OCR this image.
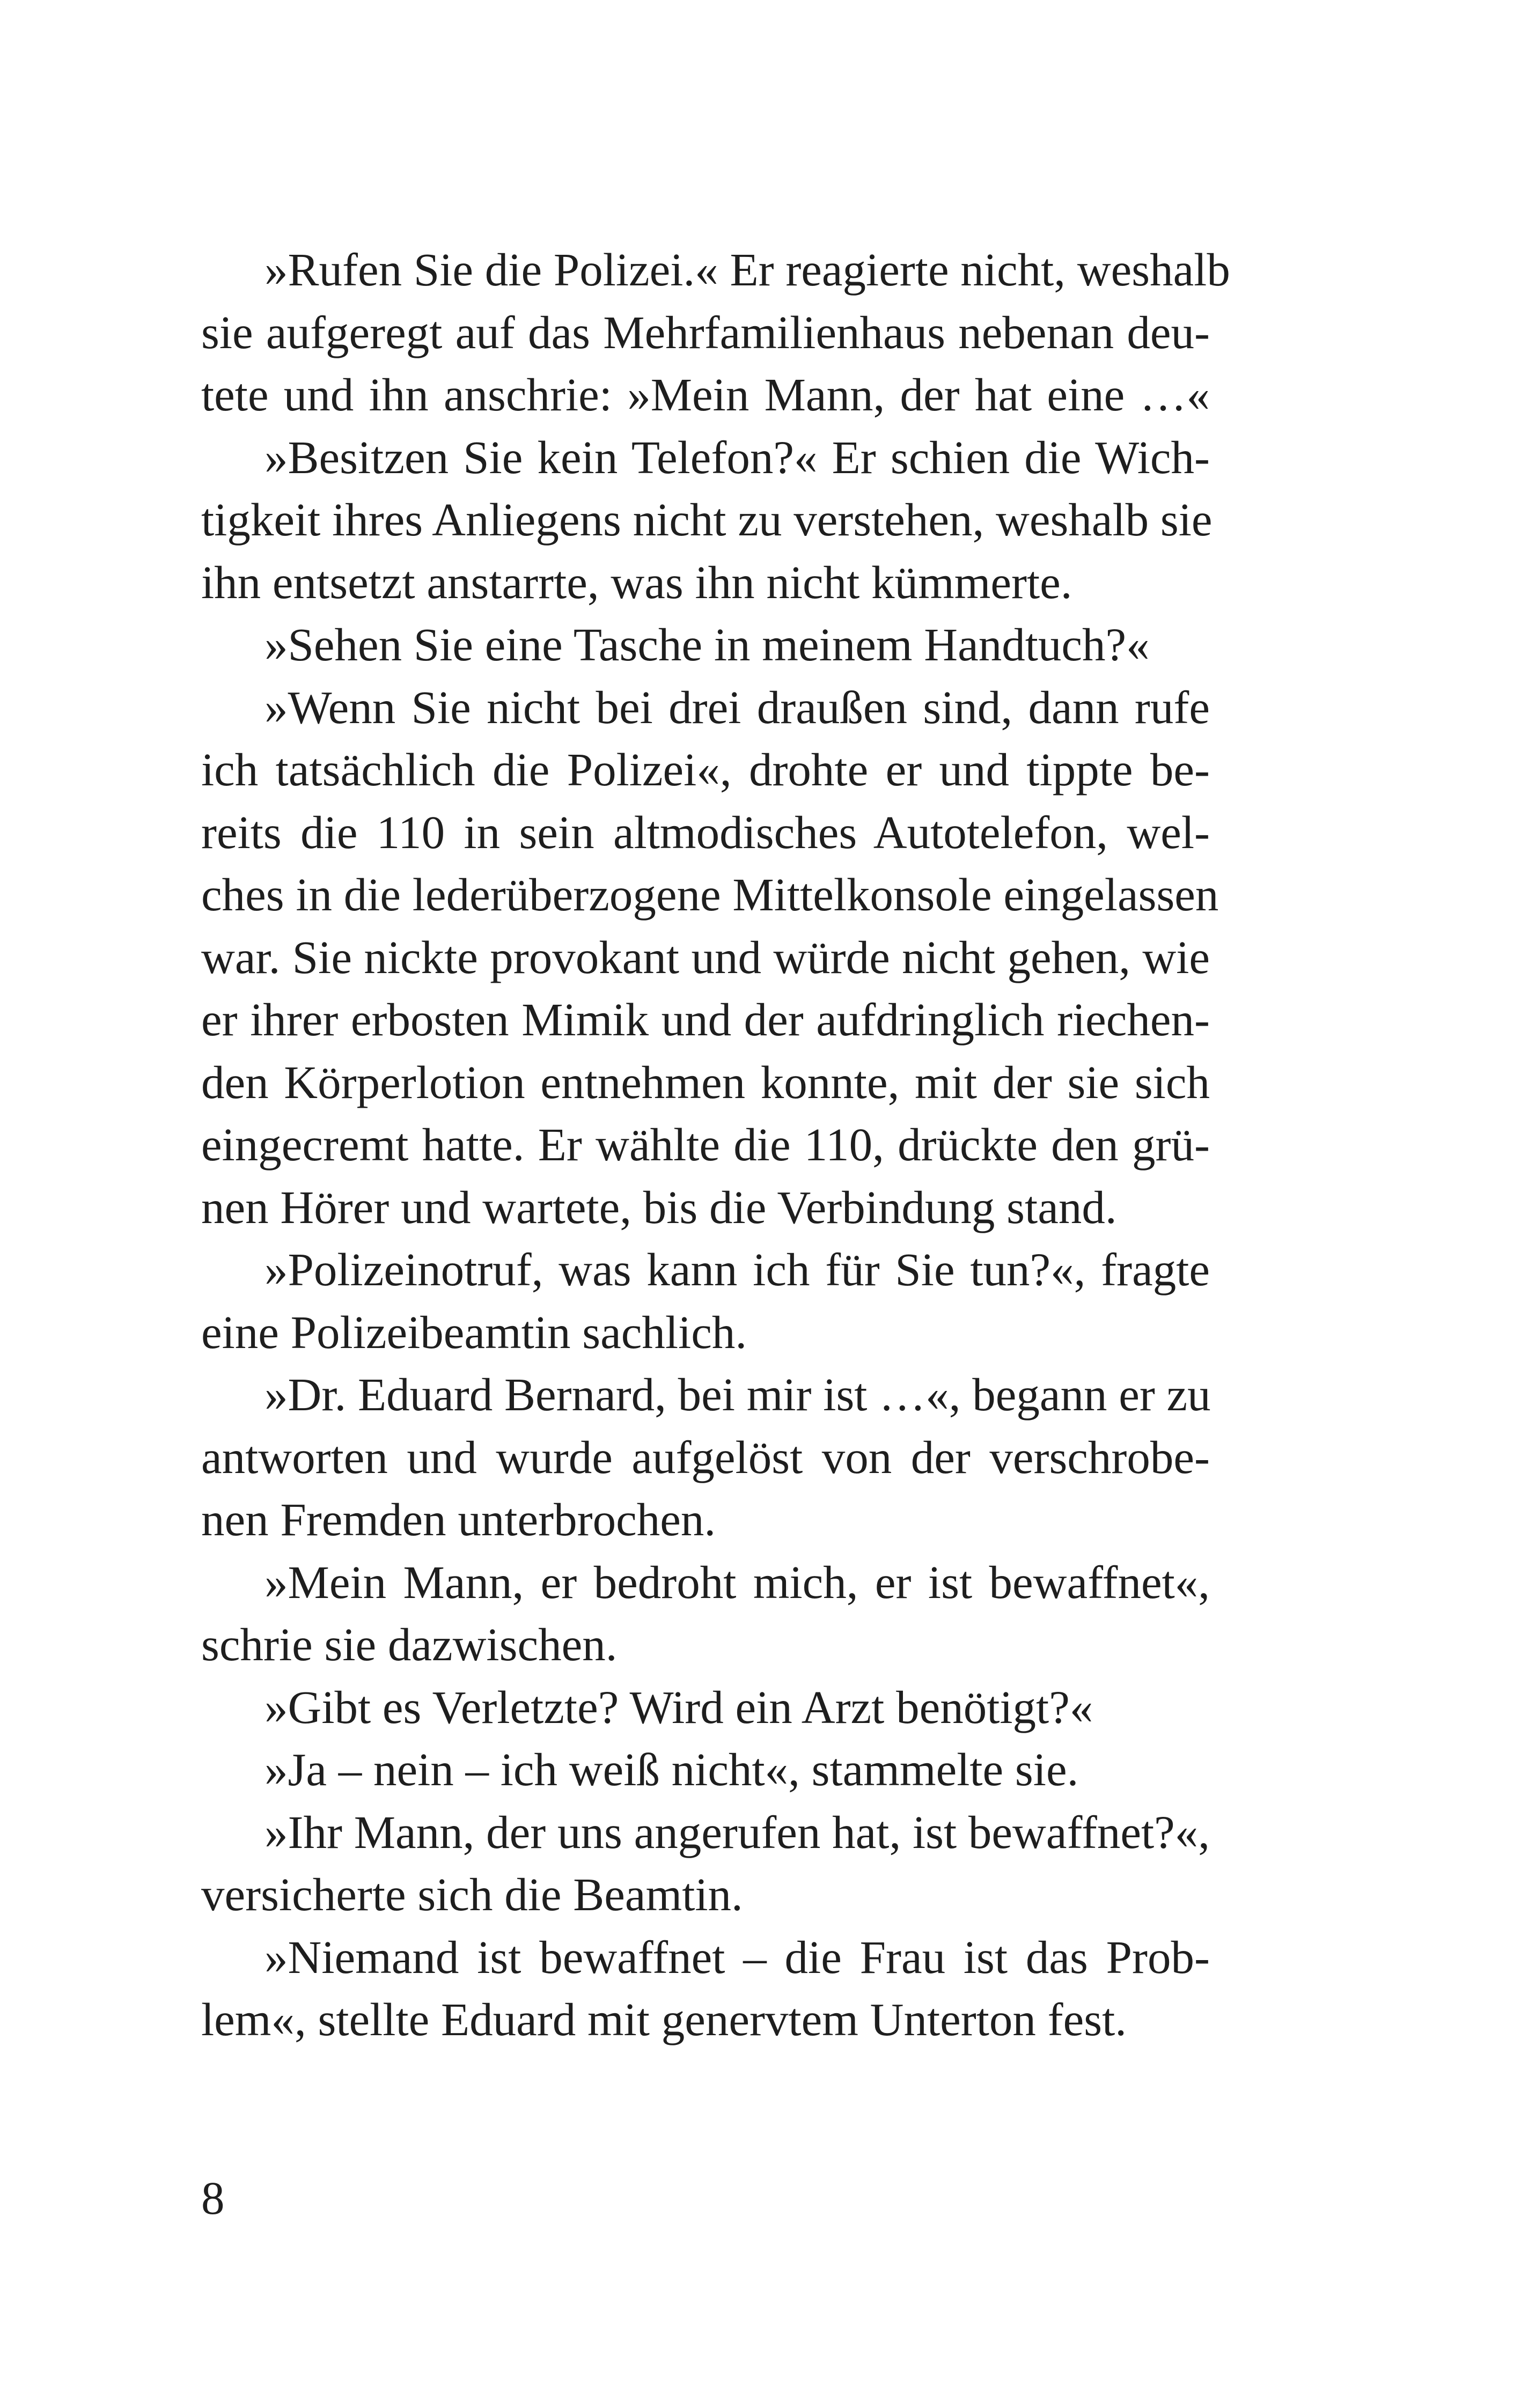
»Rufen Sie die Polizei.« Er reagierte nicht, weshalb
sie aufgeregt auf das Mehrfamilienhaus nebenan deu-
tete und ihn anschrie: »Mein Mann, der hat eine …«
»Besitzen Sie kein Telefon?« Er schien die Wich-
tigkeit ihres Anliegens nicht zu verstehen, weshalb sie
ihn entsetzt anstarrte, was ihn nicht kümmerte.
»Sehen Sie eine Tasche in meinem Handtuch?«
»Wenn Sie nicht bei drei draußen sind, dann rufe
ich tatsächlich die Polizei«, drohte er und tippte be-
reits die 110 in sein altmodisches Autotelefon, wel-
ches in die lederüberzogene Mittelkonsole eingelassen
war. Sie nickte provokant und würde nicht gehen, wie
er ihrer erbosten Mimik und der aufdringlich riechen-
den Körperlotion entnehmen konnte, mit der sie sich
eingecremt hatte. Er wählte die 110, drückte den grü-
nen Hörer und wartete, bis die Verbindung stand.
»Polizeinotruf, was kann ich für Sie tun?«, fragte
eine Polizeibeamtin sachlich.
»Dr. Eduard Bernard, bei mir ist …«, begann er zu
antworten und wurde aufgelöst von der verschrobe-
nen Fremden unterbrochen.
»Mein Mann, er bedroht mich, er ist bewaffnet«,
schrie sie dazwischen.
»Gibt es Verletzte? Wird ein Arzt benötigt?«
»Ja – nein – ich weiß nicht«, stammelte sie.
»Ihr Mann, der uns angerufen hat, ist bewaffnet?«,
versicherte sich die Beamtin.
»Niemand ist bewaffnet – die Frau ist das Prob-
lem«, stellte Eduard mit genervtem Unterton fest.
8
